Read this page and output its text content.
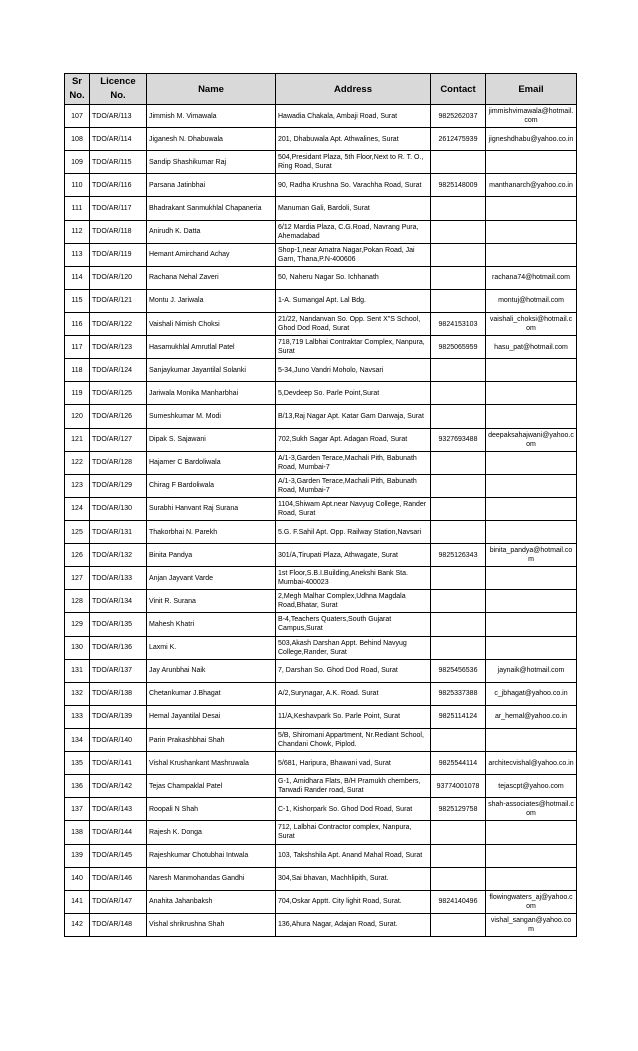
Sr No.	Licence No.	Name	Address	Contact	Email
107	TDO/AR/113	Jimmish M. Vimawala	Hawadia Chakala, Ambaji Road, Surat	9825262037	jimmishvimawala@hotmail.com
108	TDO/AR/114	Jiganesh N. Dhabuwala	201, Dhabuwala Apt. Athwalines, Surat	2612475939	jigneshdhabu@yahoo.co.in
109	TDO/AR/115	Sandip Shashikumar Raj	504,Presidant Plaza, 5th Floor,Next to R. T. O., Ring Road, Surat		
110	TDO/AR/116	Parsana Jatinbhai	90, Radha Krushna So. Varachha Road, Surat	9825148009	manthanarch@yahoo.co.in
111	TDO/AR/117	Bhadrakant Sanmukhlal Chapaneria	Manuman Gali, Bardoli, Surat		
112	TDO/AR/118	Anirudh K. Datta	6/12 Mardia Plaza, C.G.Road, Navrang Pura, Ahemadabad		
113	TDO/AR/119	Hemant Amirchand Achay	Shop-1,near Amatra Nagar,Pokan Road, Jai Garn, Thana,P.N-400606		
114	TDO/AR/120	Rachana Nehal Zaveri	50, Naheru Nagar So. Ichhanath		rachana74@hotmail.com
115	TDO/AR/121	Montu J. Jariwala	1-A. Sumangal Apt. Lal Bdg.		montuj@hotmail.com
116	TDO/AR/122	Vaishali Nimish Choksi	21/22, Nandanvan So. Opp. Sent X"S School, Ghod Dod Road, Surat	9824153103	vaishali_choksi@hotmail.com
117	TDO/AR/123	Hasamukhlal Amrutlal Patel	718,719 Lalbhai Contraktar Complex, Nanpura, Surat	9825065959	hasu_pat@hotmail.com
118	TDO/AR/124	Sanjaykumar Jayantilal Solanki	5-34,Juno Vandri Moholo, Navsari		
119	TDO/AR/125	Jariwala Monika Manharbhai	5,Devdeep So. Parle Point,Surat		
120	TDO/AR/126	Sumeshkumar M. Modi	B/13,Raj Nagar Apt. Katar Gam Darwaja, Surat		
121	TDO/AR/127	Dipak S. Sajawani	702,Sukh Sagar Apt. Adagan Road, Surat	9327693488	deepaksahajwani@yahoo.com
122	TDO/AR/128	Hajamer C Bardoliwala	A/1-3,Garden Terace,Machali Pith, Babunath Road, Mumbai-7		
123	TDO/AR/129	Chirag F Bardoliwala	A/1-3,Garden Terace,Machali Pith, Babunath Road, Mumbai-7		
124	TDO/AR/130	Surabhi Hanvant Raj Surana	1104,Shiwam Apt.near Navyug College, Rander Road, Surat		
125	TDO/AR/131	Thakorbhai N. Parekh	5.G. F.Sahil Apt. Opp. Railway Station,Navsari		
126	TDO/AR/132	Binita Pandya	301/A,Tirupati Plaza, Athwagate, Surat	9825126343	binita_pandya@hotmail.com
127	TDO/AR/133	Anjan Jayvant Varde	1st Floor,S.B.I.Building,Anekshi Bank Sta. Mumbai-400023		
128	TDO/AR/134	Vinit R. Surana	2,Megh Malhar Complex,Udhna Magdala Road,Bhatar, Surat		
129	TDO/AR/135	Mahesh Khatri	B-4,Teachers Quaters,South Gujarat Campus,Surat		
130	TDO/AR/136	Laxmi K.	503,Akash Darshan Appt. Behind Navyug College,Rander, Surat		
131	TDO/AR/137	Jay Arunbhai Naik	7, Darshan So. Ghod Dod Road, Surat	9825456536	jaynaik@hotmail.com
132	TDO/AR/138	Chetankumar J.Bhagat	A/2,Surynagar, A.K. Road. Surat	9825337388	c_jbhagat@yahoo.co.in
133	TDO/AR/139	Hemal Jayantilal Desai	11/A,Keshavpark So. Parle Point, Surat	9825114124	ar_hemal@yahoo.co.in
134	TDO/AR/140	Parin Prakashbhai Shah	5/B, Shiromani Appartment, Nr.Rediant School, Chandani Chowk, Piplod.		
135	TDO/AR/141	Vishal Krushankant Mashruwala	5/681, Haripura, Bhawani vad, Surat	9825544114	architecvishal@yahoo.co.in
136	TDO/AR/142	Tejas Champaklal Patel	G-1, Amidhara Flats, B/H Pramukh chembers, Tarwadi Rander road, Surat	93774001078	tejascpt@yahoo.com
137	TDO/AR/143	Roopali N Shah	C-1, Kishorpark So. Ghod Dod Road, Surat	9825129758	shah-associates@hotmail.com
138	TDO/AR/144	Rajesh K. Donga	712, Lalbhai Contractor complex, Nanpura, Surat		
139	TDO/AR/145	Rajeshkumar Chotubhai Intwala	103, Takshshila Apt. Anand Mahal Road, Surat		
140	TDO/AR/146	Naresh Manmohandas Gandhi	304,Sai bhavan, Machhlipith, Surat.		
141	TDO/AR/147	Anahita Jahanbaksh	704,Oskar Apptt. City lighit Road, Surat.	9824140496	flowingwaters_aj@yahoo.com
142	TDO/AR/148	Vishal shrikrushna Shah	136,Ahura Nagar, Adajan Road, Surat.		vishal_sangan@yahoo.com
